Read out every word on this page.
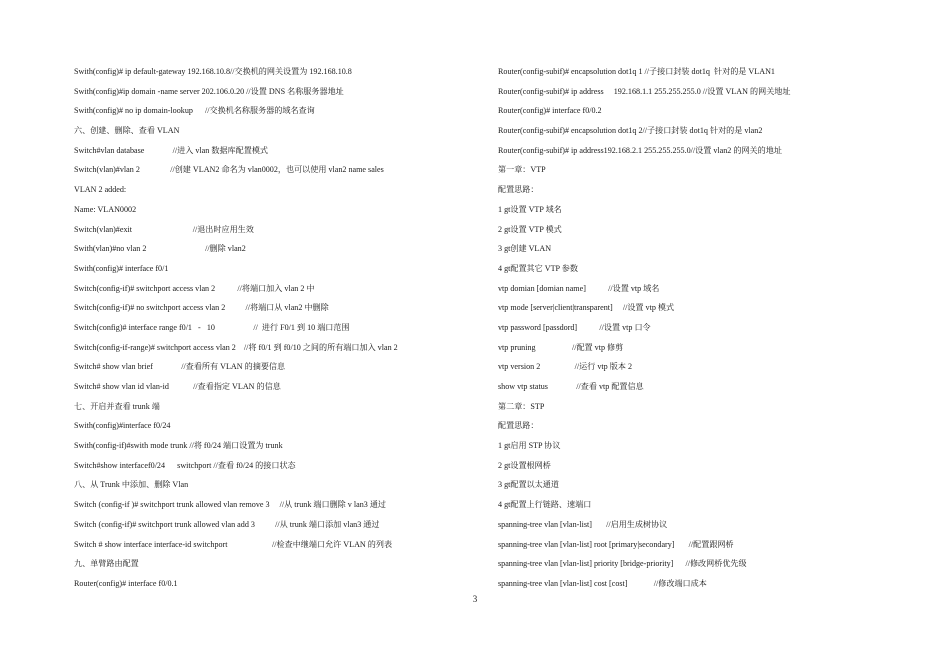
Swith(config)# ip default-gateway 192.168.10.8//交换机的网关设置为 192.168.10.8
Swith(config)#ip domain -name server 202.106.0.20 //设置 DNS 名称服务器地址
Swith(config)# no ip domain-lookup      //交换机名称服务器的域名查询
六、创建、删除、查看 VLAN
Switch#vlan database              //进入 vlan 数据库配置模式
Switch(vlan)#vlan 2               //创建 VLAN2 命名为 vlan0002，也可以使用 vlan2 name sales
VLAN 2 added:
Name: VLAN0002
Switch(vlan)#exit                              //退出时应用生效
Swith(vlan)#no vlan 2                             //删除 vlan2
Swith(config)# interface f0/1
Switch(config-if)# switchport access vlan 2           //将端口加入 vlan 2 中
Switch(config-if)# no switchport access vlan 2          //将端口从 vlan2 中删除
Switch(config)# interface range f0/1   -   10                   //  进行 F0/1 到 10 端口范围
Switch(config-if-range)# switchport access vlan 2    //将 f0/1 到 f0/10 之间的所有端口加入 vlan 2
Switch# show vlan brief              //查看所有 VLAN 的摘要信息
Switch# show vlan id vlan-id            //查看指定 VLAN 的信息
七、开启并查看 trunk 端
Swith(config)#interface f0/24
Swith(config-if)#swith mode trunk //将 f0/24 端口设置为 trunk
Switch#show interfacef0/24      switchport //查看 f0/24 的接口状态
八、从 Trunk 中添加、删除 Vlan
Switch (config-if )# switchport trunk allowed vlan remove 3     //从 trunk 端口删除 v lan3 通过
Switch (config-if)# switchport trunk allowed vlan add 3          //从 trunk 端口添加 vlan3 通过
Switch # show interface interface-id switchport                      //检查中继端口允许 VLAN 的列表
九、单臂路由配置
Router(config)# interface f0/0.1
Router(config-subif)# encapsolution dot1q 1 //子接口封装 dot1q  针对的是 VLAN1
Router(config-subif)# ip address     192.168.1.1 255.255.255.0 //设置 VLAN 的网关地址
Router(config)# interface f0/0.2
Router(config-subif)# encapsolution dot1q 2//子接口封装 dot1q 针对的是 vlan2
Router(config-subif)# ip address192.168.2.1 255.255.255.0//设置 vlan2 的网关的地址
第一章：VTP
配置思路：
1 gt设置 VTP 域名
2 gt设置 VTP 模式
3 gt创建 VLAN
4 gt配置其它 VTP 参数
vtp domian [domian name]           //设置 vtp 域名
vtp mode [server|client|transparent]     //设置 vtp 模式
vtp password [passdord]           //设置 vtp 口令
vtp pruning                  //配置 vtp 修剪
vtp version 2                 //运行 vtp 版本 2
show vtp status              //查看 vtp 配置信息
第二章：STP
配置思路：
1 gt启用 STP 协议
2 gt设置根网桥
3 gt配置以太通道
4 gt配置上行链路、速端口
spanning-tree vlan [vlan-list]       //启用生成树协议
spanning-tree vlan [vlan-list] root [primary|secondary]       //配置跟网桥
spanning-tree vlan [vlan-list] priority [bridge-priority]      //修改网桥优先级
spanning-tree vlan [vlan-list] cost [cost]             //修改端口成本
3
